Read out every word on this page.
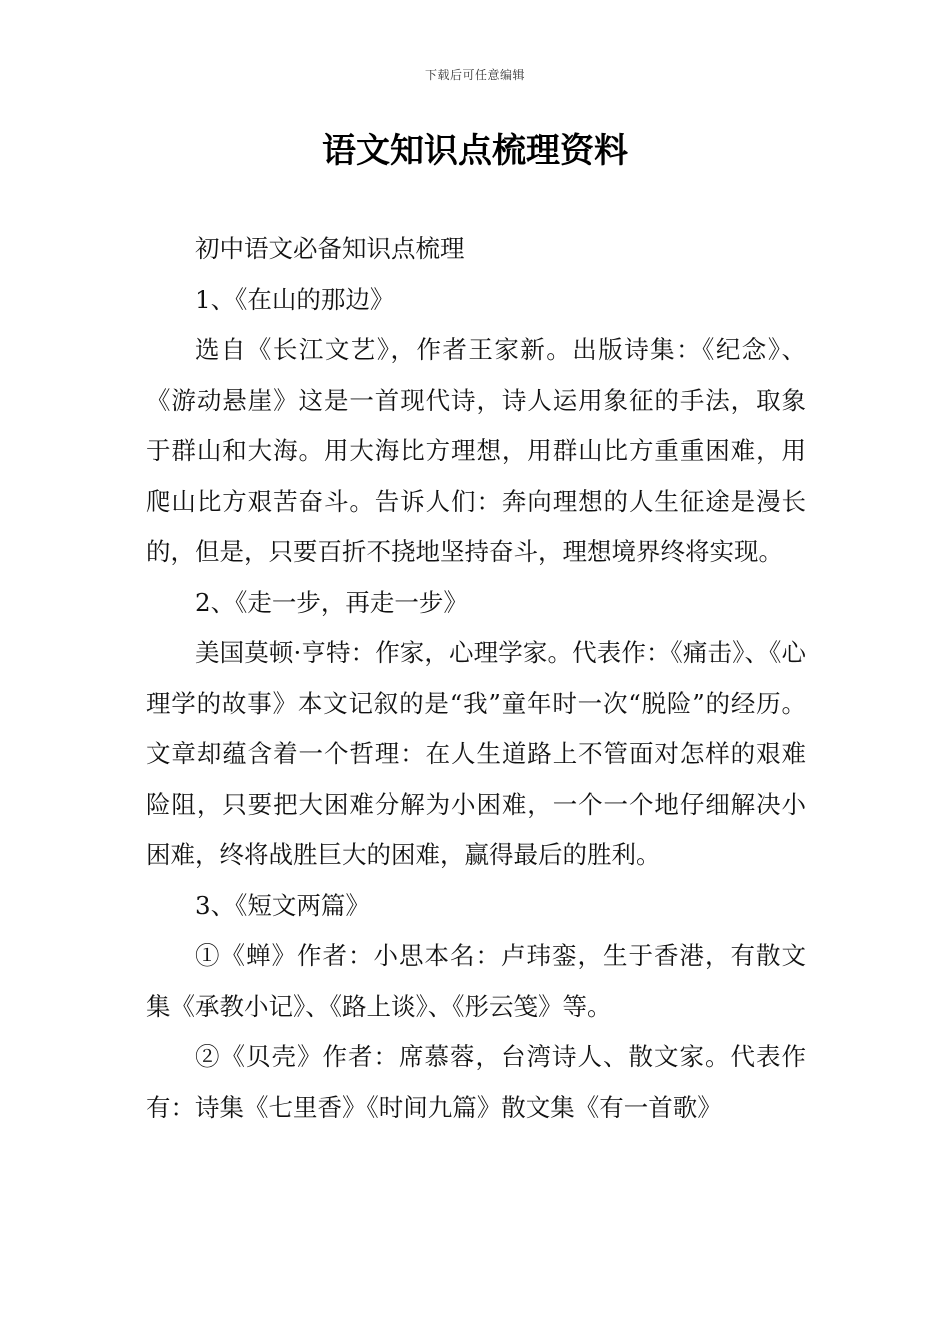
下载后可任意编辑
语文知识点梳理资料

初中语文必备知识点梳理

1、《在山的那边》

选自《长江文艺》，作者王家新。出版诗集：《纪念》、《游动悬崖》这是一首现代诗，诗人运用象征的手法，取象于群山和大海。用大海比方理想，用群山比方重重困难，用爬山比方艰苦奋斗。告诉人们：奔向理想的人生征途是漫长的，但是，只要百折不挠地坚持奋斗，理想境界终将实现。

2、《走一步，再走一步》

美国莫顿·亨特：作家，心理学家。代表作：《痛击》、《心理学的故事》本文记叙的是“我”童年时一次“脱险”的经历。文章却蕴含着一个哲理：在人生道路上不管面对怎样的艰难险阻，只要把大困难分解为小困难，一个一个地仔细解决小困难，终将战胜巨大的困难，赢得最后的胜利。

3、《短文两篇》

①《蝉》作者：小思本名：卢玮銮，生于香港，有散文集《承教小记》、《路上谈》、《彤云笺》等。

②《贝壳》作者：席慕蓉，台湾诗人、散文家。代表作有：诗集《七里香》《时间九篇》散文集《有一首歌》
